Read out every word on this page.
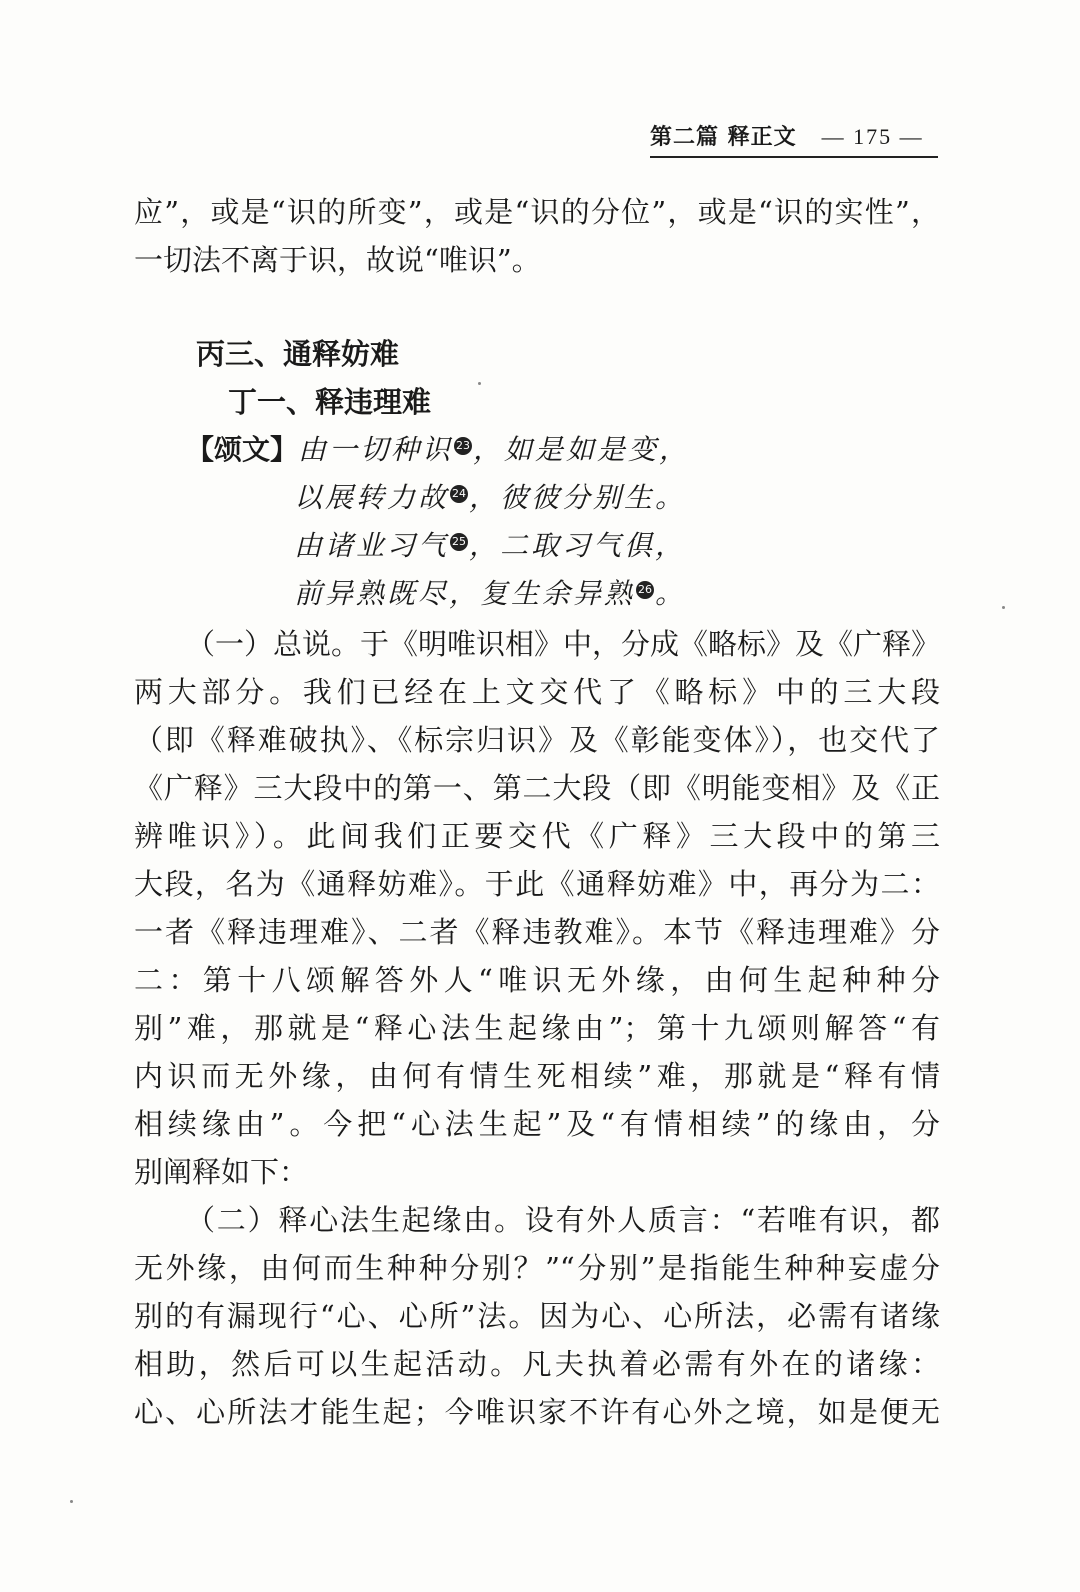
第二篇 释正文 — 175 —
应”，或是“识的所变”，或是“识的分位”，或是“识的实性”，
一切法不离于识，故说“唯识”。
丙三、通释妨难
丁一、释违理难
【颂文】由一切种识 23 ，如是如是变，
以展转力故 24 ，彼彼分别生。
由诸业习气 25 ，二取习气俱，
前异熟既尽，复生余异熟 26 。
（一）总说。于《明唯识相》中，分成《略标》及《广释》
两大部分。我们已经在上文交代了《略标》中的三大段
（即《释难破执》、《标宗归识》及《彰能变体》），也交代了
《广释》三大段中的第一、第二大段（即《明能变相》及《正
辨唯识》）。此间我们正要交代《广释》三大段中的第三
大段，名为《通释妨难》。于此《通释妨难》中，再分为二：
一者《释违理难》、二者《释违教难》。本节《释违理难》分
二：第十八颂解答外人“唯识无外缘，由何生起种种分
别”难，那就是“释心法生起缘由”；第十九颂则解答“有
内识而无外缘，由何有情生死相续”难，那就是“释有情
相续缘由”。今把“心法生起”及“有情相续”的缘由，分
别阐释如下：
（二）释心法生起缘由。设有外人质言：“若唯有识，都
无外缘，由何而生种种分别？”“分别”是指能生种种妄虚分
别的有漏现行“心、心所”法。因为心、心所法，必需有诸缘
相助，然后可以生起活动。凡夫执着必需有外在的诸缘：
心、心所法才能生起；今唯识家不许有心外之境，如是便无
